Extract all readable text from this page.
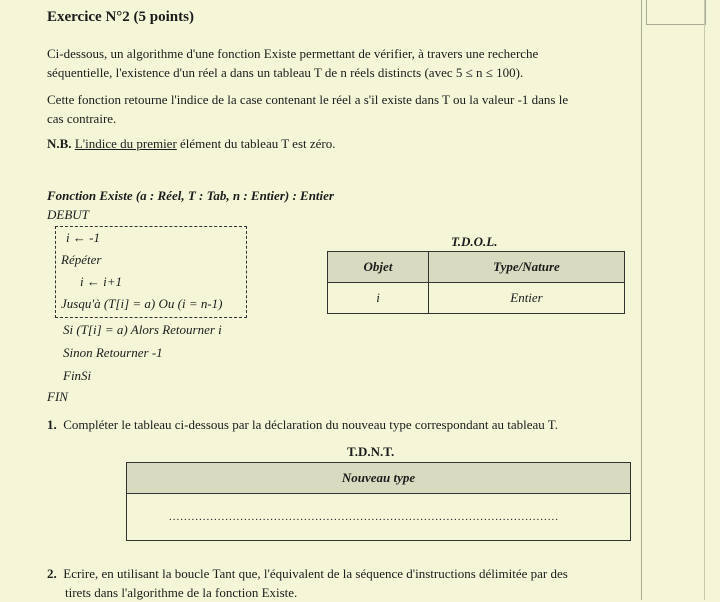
Exercice N°2 (5 points)
Ci-dessous, un algorithme d'une fonction Existe permettant de vérifier, à travers une recherche
séquentielle, l'existence d'un réel a dans un tableau T de n réels distincts (avec 5 ≤ n ≤ 100).
Cette fonction retourne l'indice de la case contenant le réel a s'il existe dans T ou la valeur -1 dans le
cas contraire.
N.B. L'indice du premier élément du tableau T est zéro.
Fonction Existe (a : Réel, T : Tab, n : Entier) : Entier
DEBUT
i ← -1
Répéter
i ← i+1
Jusqu'à (T[i] = a) Ou (i = n-1)
Si (T[i] = a) Alors Retourner i
Sinon Retourner -1
FinSi
FIN
T.D.O.L.
Objet	Type/Nature
i	Entier
1. Compléter le tableau ci-dessous par la déclaration du nouveau type correspondant au tableau T.
T.D.N.T.
Nouveau type
........................................................................................................
2. Ecrire, en utilisant la boucle Tant que, l'équivalent de la séquence d'instructions délimitée par des
tirets dans l'algorithme de la fonction Existe.
